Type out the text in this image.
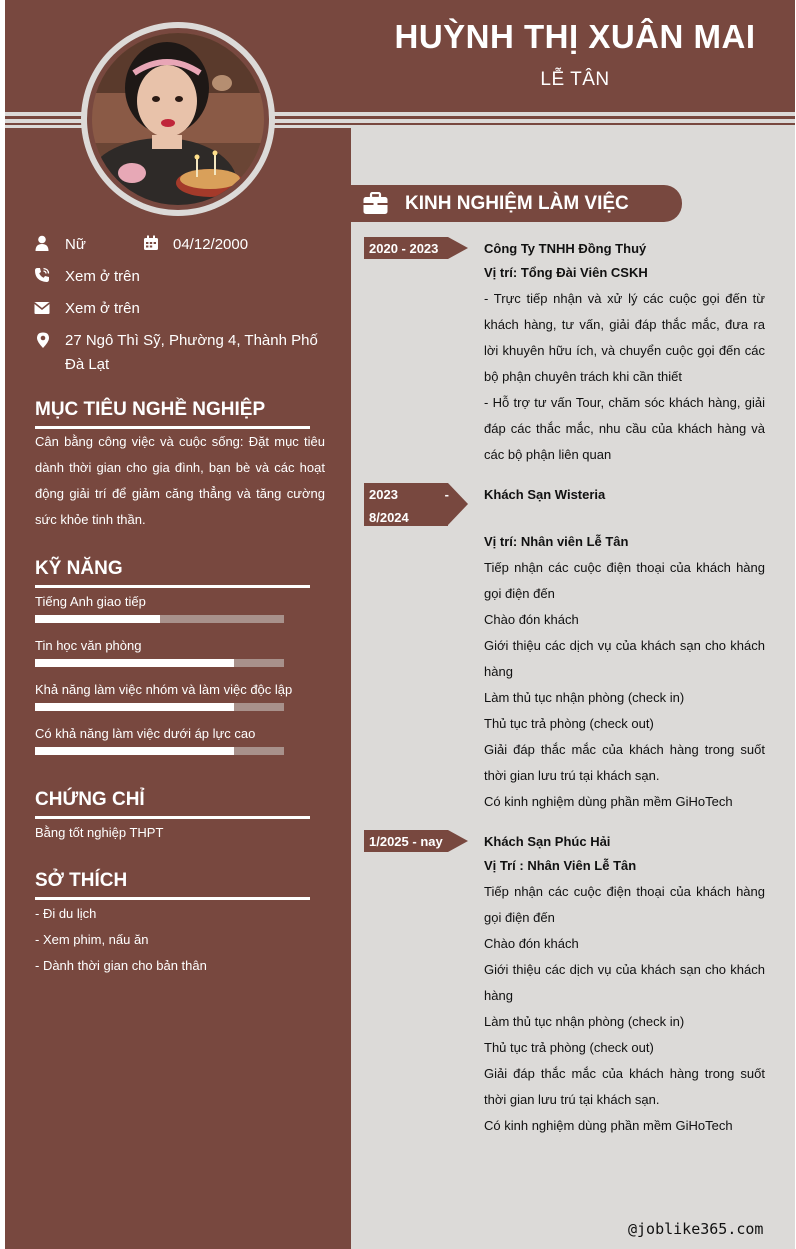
HUỲNH THỊ XUÂN MAI
LỄ TÂN
Nữ	04/12/2000
Xem ở trên
Xem ở trên
27 Ngô Thì Sỹ, Phường 4, Thành Phố Đà Lạt
MỤC TIÊU NGHỀ NGHIỆP
Cân bằng công việc và cuộc sống: Đặt mục tiêu dành thời gian cho gia đình, bạn bè và các hoạt động giải trí để giảm căng thẳng và tăng cường sức khỏe tinh thần.
KỸ NĂNG
CHỨNG CHỈ
Bằng tốt nghiệp THPT
SỞ THÍCH
- Đi du lịch
- Xem phim, nấu ăn
- Dành thời gian cho bản thân
KINH NGHIỆM LÀM VIỆC
2020 - 2023	Công Ty TNHH Đồng Thuý
Vị trí: Tổng Đài Viên CSKH
- Trực tiếp nhận và xử lý các cuộc gọi đến từ khách hàng, tư vấn, giải đáp thắc mắc, đưa ra lời khuyên hữu ích, và chuyển cuộc gọi đến các bộ phận chuyên trách khi cần thiết
- Hỗ trợ tư vấn Tour, chăm sóc khách hàng, giải đáp các thắc mắc, nhu cầu của khách hàng và các bộ phận liên quan
2023 -
8/2024
Khách Sạn Wisteria
Vị trí: Nhân viên Lễ Tân
Tiếp nhận các cuộc điện thoại của khách hàng gọi điện đến
Chào đón khách
Giới thiệu các dịch vụ của khách sạn cho khách hàng
Làm thủ tục nhận phòng (check in)
Thủ tục trả phòng (check out)
Giải đáp thắc mắc của khách hàng trong suốt thời gian lưu trú tại khách sạn.
Có kinh nghiệm dùng phần mềm GiHoTech
1/2025 - nay	Khách Sạn Phúc Hải
Vị Trí : Nhân Viên Lễ Tân
Tiếp nhận các cuộc điện thoại của khách hàng gọi điện đến
Chào đón khách
Giới thiệu các dịch vụ của khách sạn cho khách hàng
Làm thủ tục nhận phòng (check in)
Thủ tục trả phòng (check out)
Giải đáp thắc mắc của khách hàng trong suốt thời gian lưu trú tại khách sạn.
Có kinh nghiệm dùng phần mềm GiHoTech
@joblike365.com
Tiếng Anh giao tiếp
Tin học văn phòng
Khả năng làm việc nhóm và làm việc độc lập
Có khả năng làm việc dưới áp lực cao
